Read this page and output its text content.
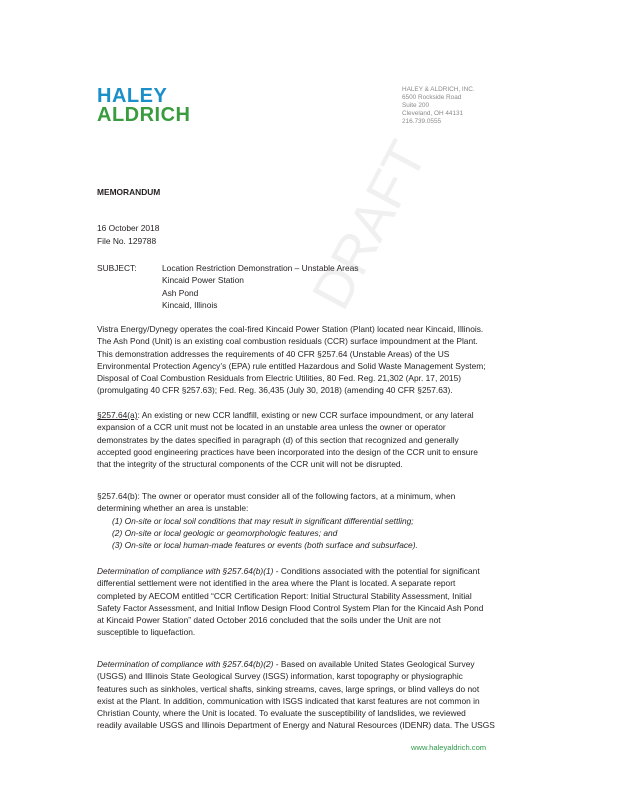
DRAFT
HALEY
ALDRICH
HALEY & ALDRICH, INC.
6500 Rockside Road
Suite 200
Cleveland, OH 44131
216.739.0555
MEMORANDUM
16 October 2018
File No. 129788
SUBJECT:	Location Restriction Demonstration – Unstable Areas
Kincaid Power Station
Ash Pond
Kincaid, Illinois
Vistra Energy/Dynegy operates the coal-fired Kincaid Power Station (Plant) located near Kincaid, Illinois.
The Ash Pond (Unit) is an existing coal combustion residuals (CCR) surface impoundment at the Plant.
This demonstration addresses the requirements of 40 CFR §257.64 (Unstable Areas) of the US
Environmental Protection Agency’s (EPA) rule entitled Hazardous and Solid Waste Management System;
Disposal of Coal Combustion Residuals from Electric Utilities, 80 Fed. Reg. 21,302 (Apr. 17, 2015)
(promulgating 40 CFR §257.63); Fed. Reg. 36,435 (July 30, 2018) (amending 40 CFR §257.63).
§257.64(a): An existing or new CCR landfill, existing or new CCR surface impoundment, or any lateral
expansion of a CCR unit must not be located in an unstable area unless the owner or operator
demonstrates by the dates specified in paragraph (d) of this section that recognized and generally
accepted good engineering practices have been incorporated into the design of the CCR unit to ensure
that the integrity of the structural components of the CCR unit will not be disrupted.
§257.64(b): The owner or operator must consider all of the following factors, at a minimum, when
determining whether an area is unstable:
(1) On-site or local soil conditions that may result in significant differential settling;
(2) On-site or local geologic or geomorphologic features; and
(3) On-site or local human-made features or events (both surface and subsurface).
Determination of compliance with §257.64(b)(1) - Conditions associated with the potential for significant
differential settlement were not identified in the area where the Plant is located. A separate report
completed by AECOM entitled “CCR Certification Report: Initial Structural Stability Assessment, Initial
Safety Factor Assessment, and Initial Inflow Design Flood Control System Plan for the Kincaid Ash Pond
at Kincaid Power Station” dated October 2016 concluded that the soils under the Unit are not
susceptible to liquefaction.
Determination of compliance with §257.64(b)(2) - Based on available United States Geological Survey
(USGS) and Illinois State Geological Survey (ISGS) information, karst topography or physiographic
features such as sinkholes, vertical shafts, sinking streams, caves, large springs, or blind valleys do not
exist at the Plant. In addition, communication with ISGS indicated that karst features are not common in
Christian County, where the Unit is located. To evaluate the susceptibility of landslides, we reviewed
readily available USGS and Illinois Department of Energy and Natural Resources (IDENR) data. The USGS
www.haleyaldrich.com
